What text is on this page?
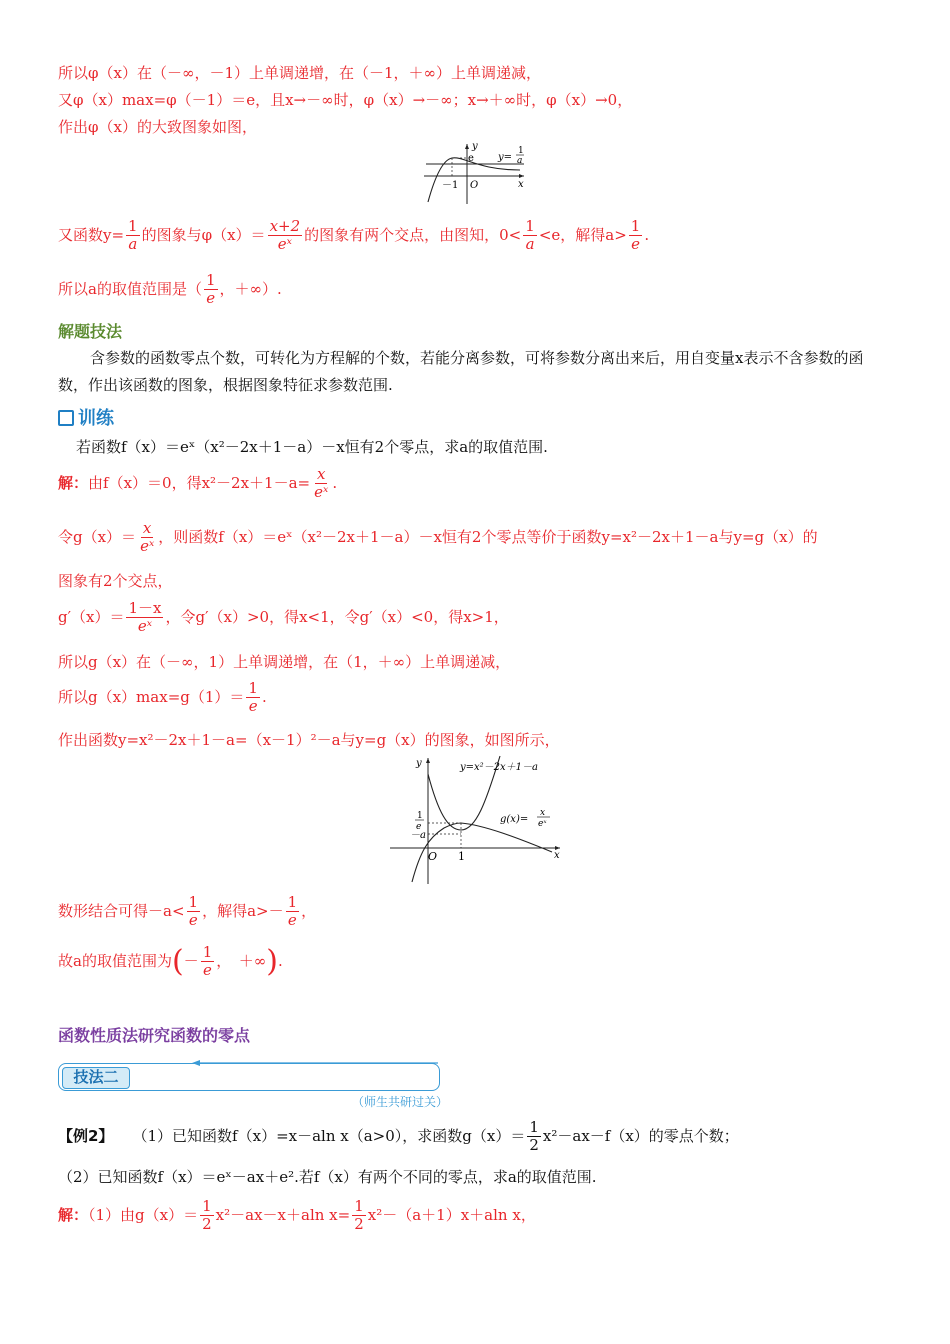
所以φ（x）在（－∞，－1）上单调递增，在（－1，＋∞）上单调递减，
又φ（x）max=φ（－1）＝e，且x→－∞时，φ（x）→－∞；x→＋∞时，φ（x）→0，
作出φ（x）的大致图象如图，
y
e
x
O
－1
y=
1
a
又函数$y= \frac{1}{a}$ 的图象与$\varphi(x)= \frac{x+2}{\text{eˣ}}$ 的图象有两个交点，由图知，$0< \frac{1}{a} <e$，解得$a> \frac{1}{e}$ .
所以a的取值范围是（ $\frac{1}{e}$ ，＋∞）.
解题技法
含参数的函数零点个数，可转化为方程解的个数，若能分离参数，可将参数分离出来后，用自变量x表示不含参数的函数，作出该函数的图象，根据图象特征求参数范围.
训练
若函数f（x）＝eˣ（x²－2x＋1－a）－x恒有2个零点，求a的取值范围.
解：由f（x）＝0，得$x^2-2x+1-a= \frac{x}{\text{eˣ}}$ .
令$g(x)= \frac{x}{\text{eˣ}}$ ，则函数f（x）＝eˣ（x²－2x＋1－a）－x恒有2个零点等价于函数y=x²－2x＋1－a与y=g（x）的
图象有2个交点，
$g'(x)= \frac{1-x}{\text{eˣ}}$ ，令g′（x）>0，得x<1，令g′（x）<0，得x>1，
所以g（x）在（－∞，1）上单调递增，在（1，＋∞）上单调递减，
所以$g(x)\max=g(1)= \frac{1}{e}$ .
作出函数y=x²－2x＋1－a=（x－1）²－a与y=g（x）的图象，如图所示，
y
x
O 1
y=x²－2x＋1－a
g(x)=
x
eˣ
1
e
－a
数形结合可得$-a< \frac{1}{e}$ ，解得$a>- \frac{1}{e}$ ，
故a的取值范围为(－ $\frac{1}{e}$ ，　＋∞).
函数性质法研究函数的零点
技法二
（师生共研过关）
【例2】 （1）已知函数f（x）=x－aln x（a>0），求函数$g(x)= \frac{1}{2} x^2-ax-f(x)$的零点个数；
（2）已知函数f（x）＝eˣ－ax＋e².若f（x）有两个不同的零点，求a的取值范围.
解：（1）由$g(x)= \frac{1}{2} x^2-ax-x+aln$ $x= \frac{1}{2} x^2-(a+1)x+aln$ x，
